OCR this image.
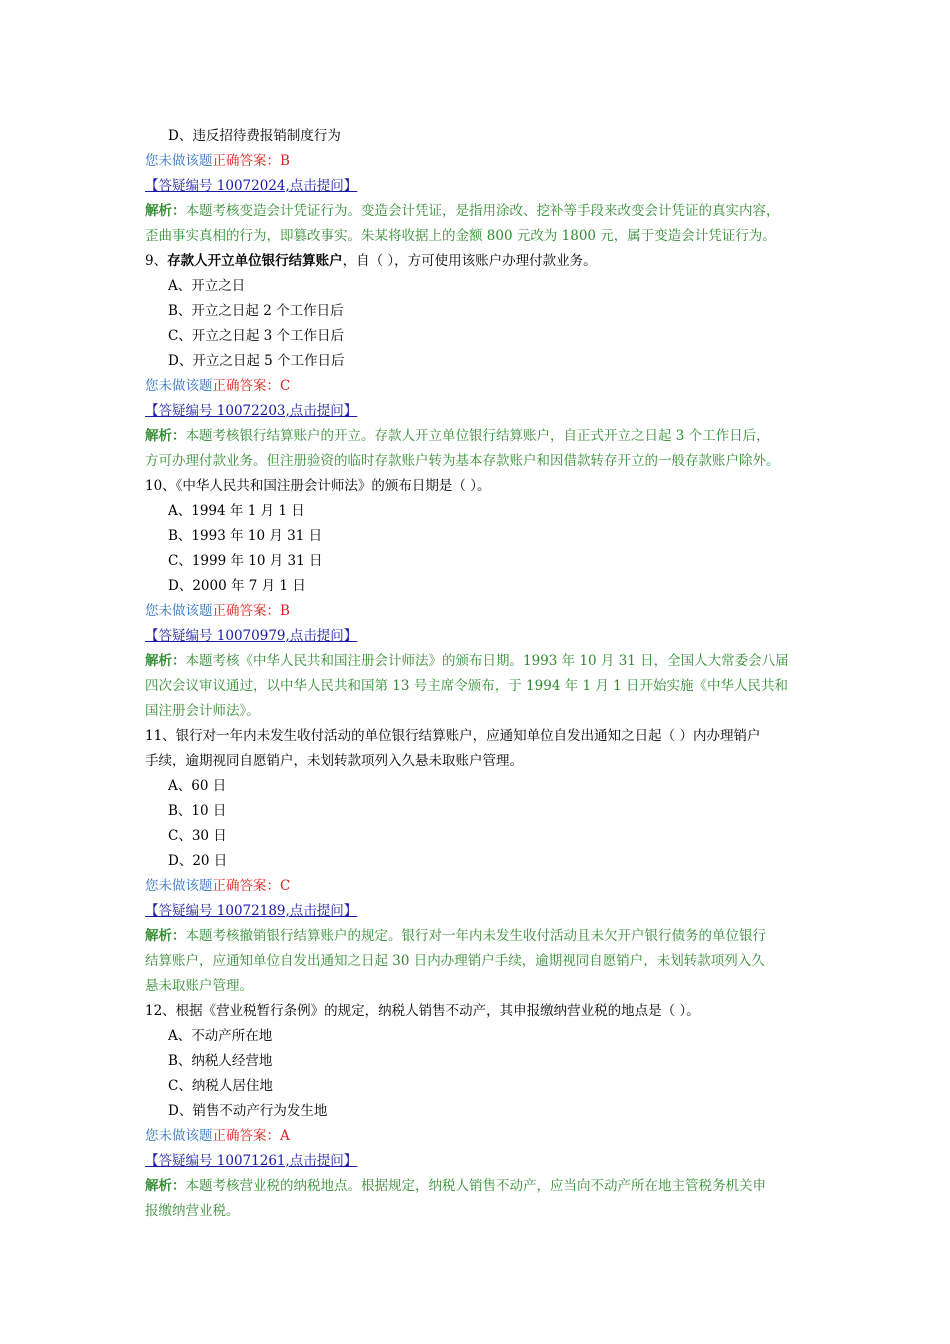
D、违反招待费报销制度行为
您未做该题正确答案：B
【答疑编号 10072024,点击提问】
解析：本题考核变造会计凭证行为。变造会计凭证，是指用涂改、挖补等手段来改变会计凭证的真实内容，
歪曲事实真相的行为，即篡改事实。朱某将收据上的金额 800 元改为 1800 元，属于变造会计凭证行为。
9、存款人开立单位银行结算账户，自（ ），方可使用该账户办理付款业务。
A、开立之日
B、开立之日起 2 个工作日后
C、开立之日起 3 个工作日后
D、开立之日起 5 个工作日后
您未做该题正确答案：C
【答疑编号 10072203,点击提问】
解析：本题考核银行结算账户的开立。存款人开立单位银行结算账户，自正式开立之日起 3 个工作日后，
方可办理付款业务。但注册验资的临时存款账户转为基本存款账户和因借款转存开立的一般存款账户除外。
10、《中华人民共和国注册会计师法》的颁布日期是（ ）。
A、1994 年 1 月 1 日
B、1993 年 10 月 31 日
C、1999 年 10 月 31 日
D、2000 年 7 月 1 日
您未做该题正确答案：B
【答疑编号 10070979,点击提问】
解析：本题考核《中华人民共和国注册会计师法》的颁布日期。1993 年 10 月 31 日，全国人大常委会八届
四次会议审议通过，以中华人民共和国第 13 号主席令颁布，于 1994 年 1 月 1 日开始实施《中华人民共和
国注册会计师法》。
11、银行对一年内未发生收付活动的单位银行结算账户，应通知单位自发出通知之日起（ ）内办理销户
手续，逾期视同自愿销户，未划转款项列入久悬未取账户管理。
A、60 日
B、10 日
C、30 日
D、20 日
您未做该题正确答案：C
【答疑编号 10072189,点击提问】
解析：本题考核撤销银行结算账户的规定。银行对一年内未发生收付活动且未欠开户银行债务的单位银行
结算账户，应通知单位自发出通知之日起 30 日内办理销户手续，逾期视同自愿销户，未划转款项列入久
悬未取账户管理。
12、根据《营业税暂行条例》的规定，纳税人销售不动产，其申报缴纳营业税的地点是（ ）。
A、不动产所在地
B、纳税人经营地
C、纳税人居住地
D、销售不动产行为发生地
您未做该题正确答案：A
【答疑编号 10071261,点击提问】
解析：本题考核营业税的纳税地点。根据规定，纳税人销售不动产，应当向不动产所在地主管税务机关申
报缴纳营业税。
